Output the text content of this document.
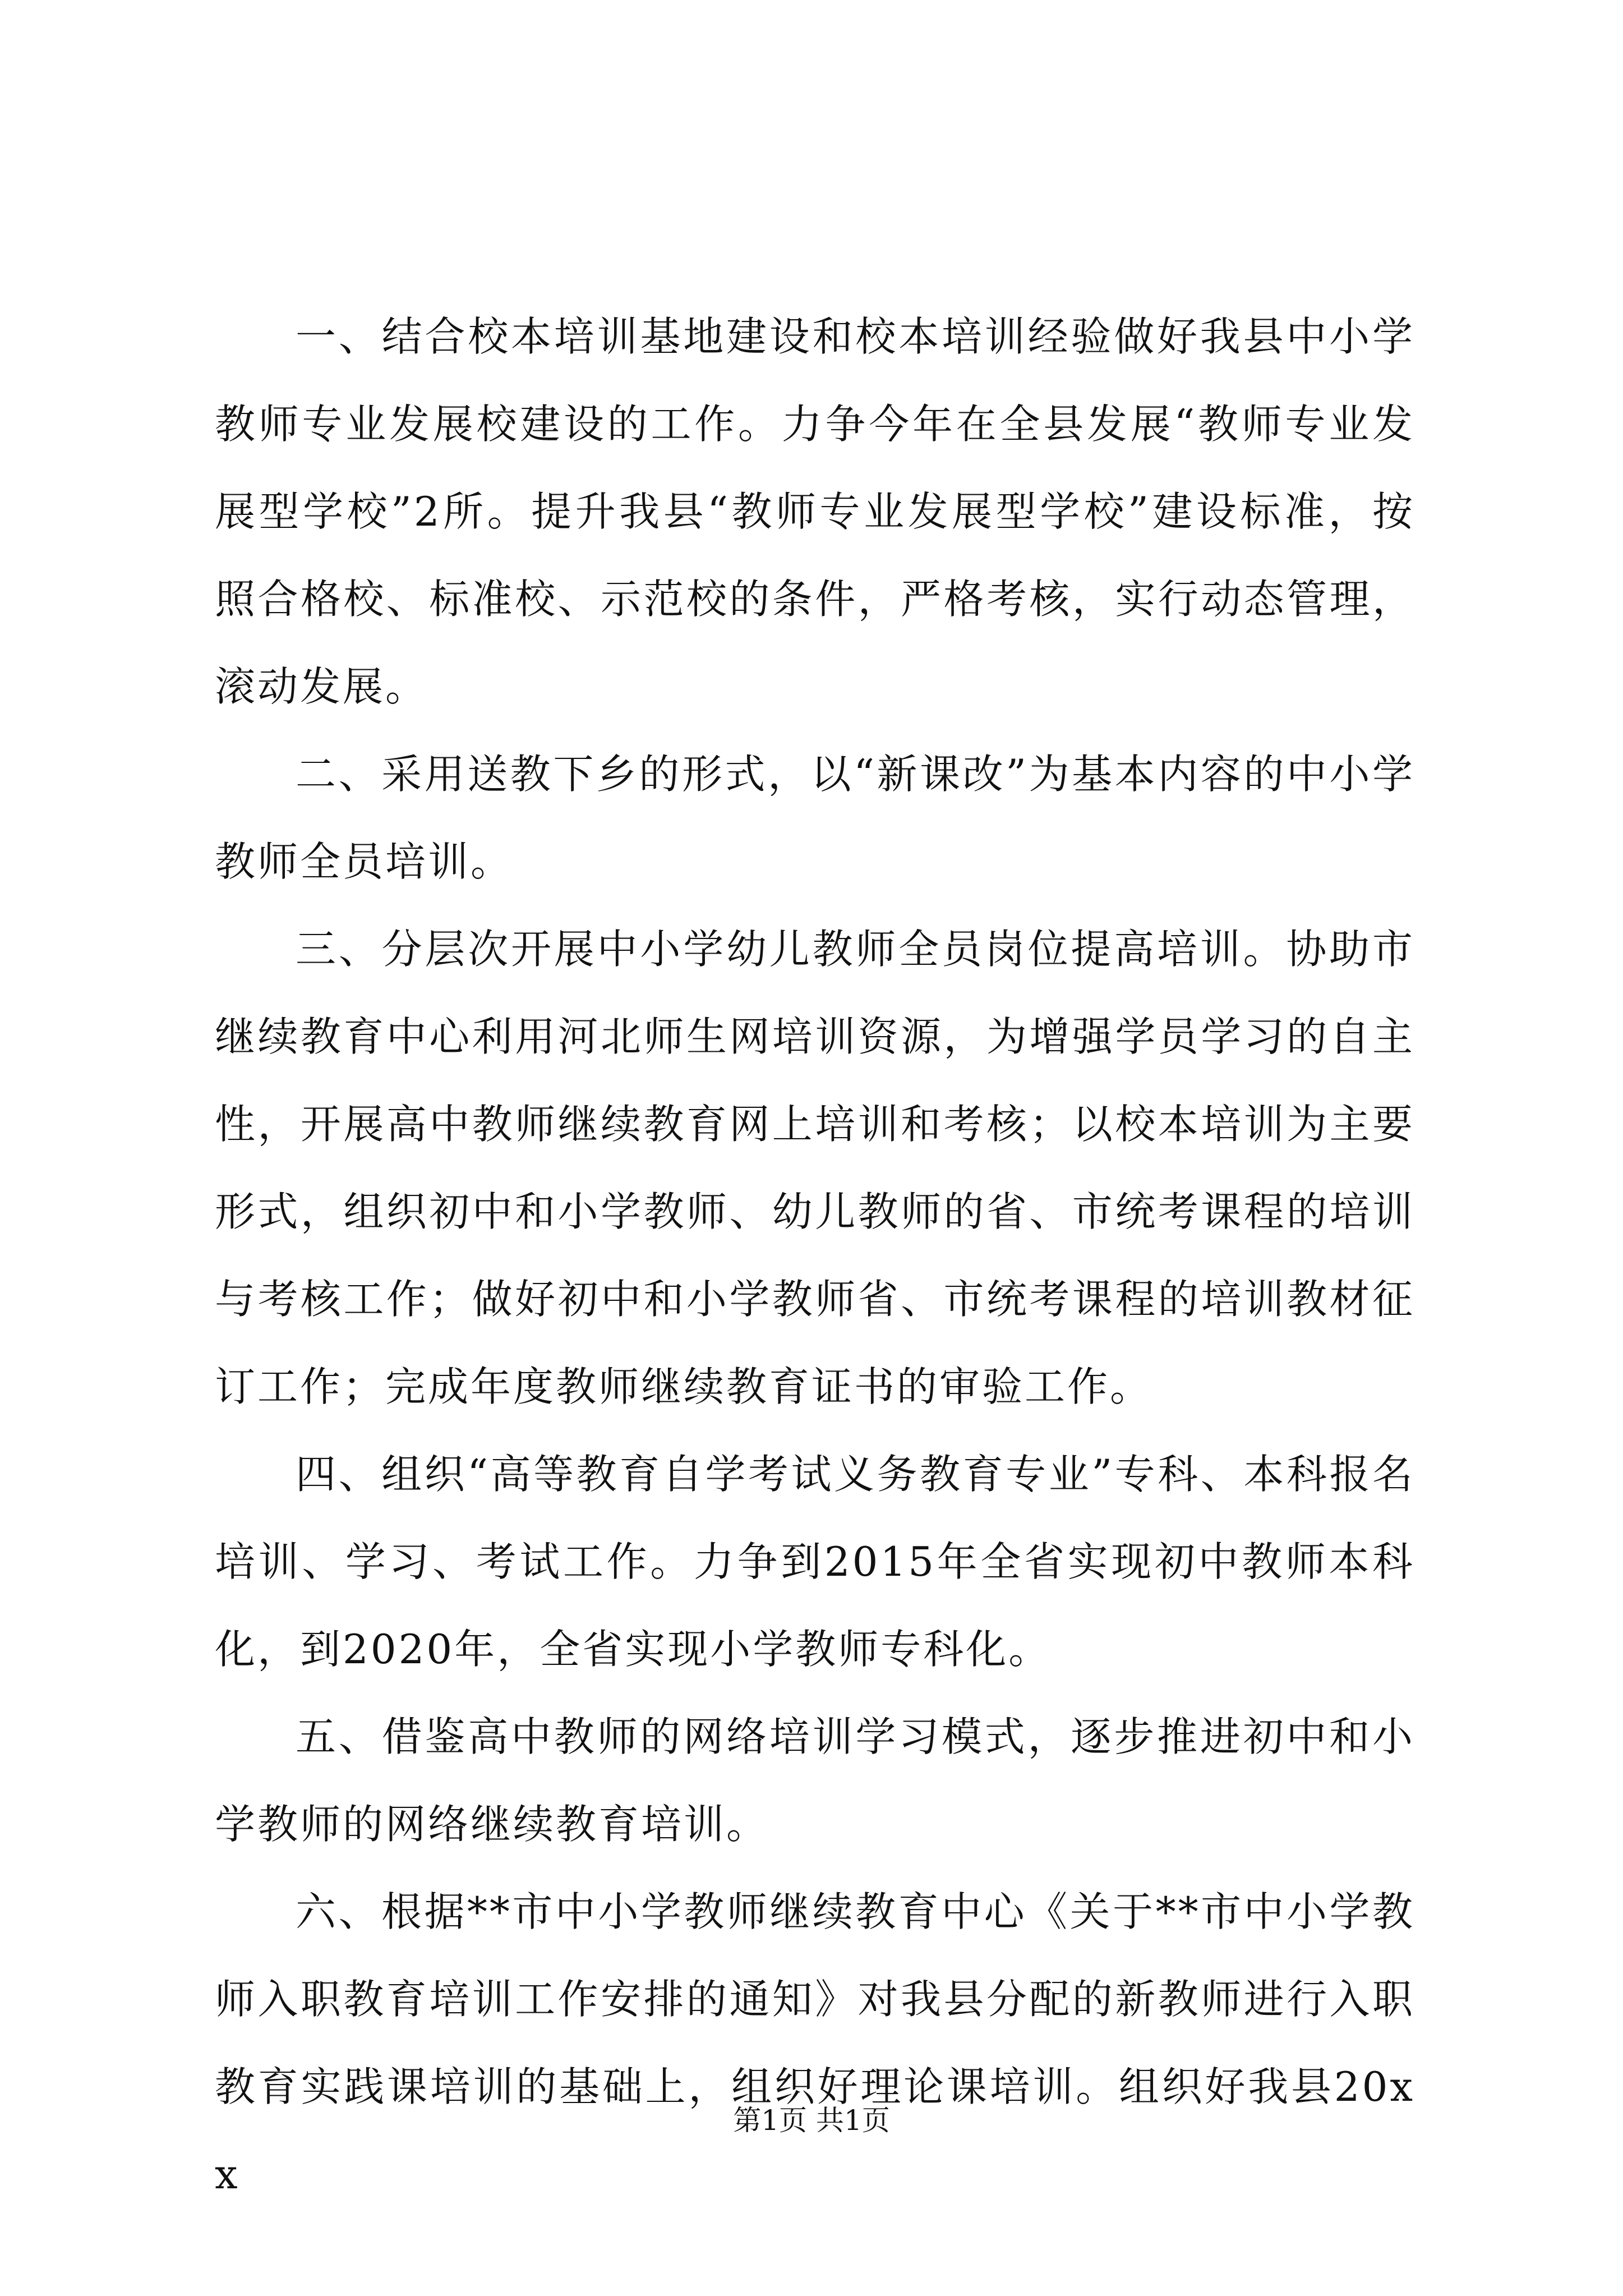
一、结合校本培训基地建设和校本培训经验做好我县中小学教师专业发展校建设的工作。力争今年在全县发展“教师专业发展型学校”2所。提升我县“教师专业发展型学校”建设标准，按照合格校、标准校、示范校的条件，严格考核，实行动态管理，滚动发展。

二、采用送教下乡的形式，以“新课改”为基本内容的中小学教师全员培训。

三、分层次开展中小学幼儿教师全员岗位提高培训。协助市继续教育中心利用河北师生网培训资源，为增强学员学习的自主性，开展高中教师继续教育网上培训和考核；以校本培训为主要形式，组织初中和小学教师、幼儿教师的省、市统考课程的培训与考核工作；做好初中和小学教师省、市统考课程的培训教材征订工作；完成年度教师继续教育证书的审验工作。

四、组织“高等教育自学考试义务教育专业”专科、本科报名培训、学习、考试工作。力争到2015年全省实现初中教师本科化，到2020年，全省实现小学教师专科化。

五、借鉴高中教师的网络培训学习模式，逐步推进初中和小学教师的网络继续教育培训。

六、根据**市中小学教师继续教育中心《关于**市中小学教师入职教育培训工作安排的通知》对我县分配的新教师进行入职教育实践课培训的基础上，组织好理论课培训。组织好我县20xx

第1页 共1页
